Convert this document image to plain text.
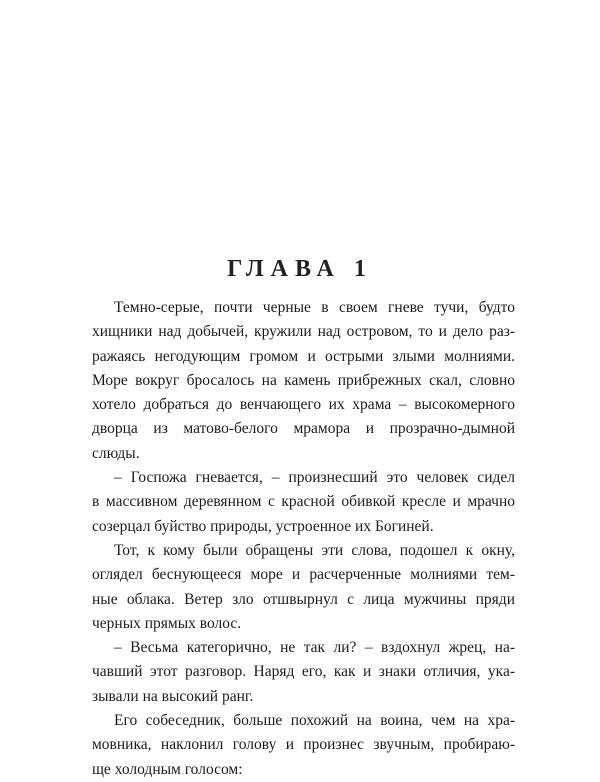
ГЛАВА 1
Темно-серые, почти черные в своем гневе тучи, будто
хищники над добычей, кружили над островом, то и дело раз-
ражаясь негодующим громом и острыми злыми молниями.
Море вокруг бросалось на камень прибрежных скал, словно
хотело добраться до венчающего их храма – высокомерного
дворца из матово-белого мрамора и прозрачно-дымной
слюды.
– Госпожа гневается, – произнесший это человек сидел
в массивном деревянном с красной обивкой кресле и мрачно
созерцал буйство природы, устроенное их Богиней.
Тот, к кому были обращены эти слова, подошел к окну,
оглядел беснующееся море и расчерченные молниями тем-
ные облака. Ветер зло отшвырнул с лица мужчины пряди
черных прямых волос.
– Весьма категорично, не так ли? – вздохнул жрец, на-
чавший этот разговор. Наряд его, как и знаки отличия, ука-
зывали на высокий ранг.
Его собеседник, больше похожий на воина, чем на хра-
мовника, наклонил голову и произнес звучным, пробираю-
ще холодным голосом:
